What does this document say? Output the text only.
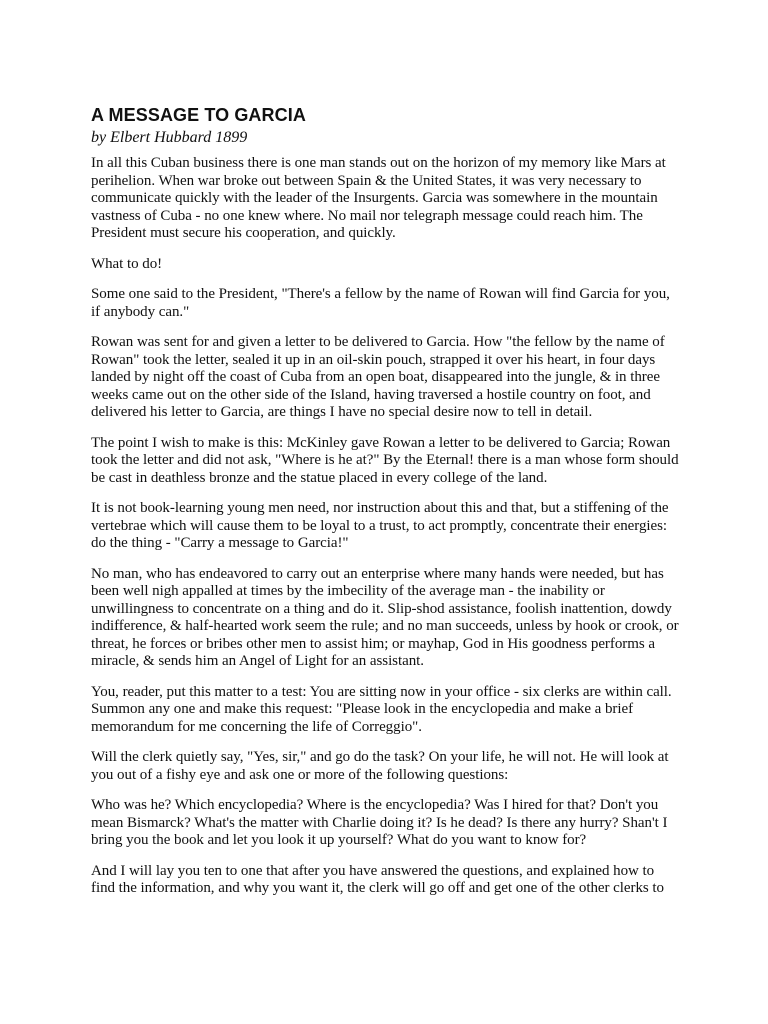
A MESSAGE TO GARCIA
by Elbert Hubbard 1899

In all this Cuban business there is one man stands out on the horizon of my memory like Mars at perihelion. When war broke out between Spain & the United States, it was very necessary to communicate quickly with the leader of the Insurgents. Garcia was somewhere in the mountain vastness of Cuba - no one knew where. No mail nor telegraph message could reach him. The President must secure his cooperation, and quickly.

What to do!

Some one said to the President, "There's a fellow by the name of Rowan will find Garcia for you, if anybody can."

Rowan was sent for and given a letter to be delivered to Garcia. How "the fellow by the name of Rowan" took the letter, sealed it up in an oil-skin pouch, strapped it over his heart, in four days landed by night off the coast of Cuba from an open boat, disappeared into the jungle, & in three weeks came out on the other side of the Island, having traversed a hostile country on foot, and delivered his letter to Garcia, are things I have no special desire now to tell in detail.

The point I wish to make is this: McKinley gave Rowan a letter to be delivered to Garcia; Rowan took the letter and did not ask, "Where is he at?" By the Eternal! there is a man whose form should be cast in deathless bronze and the statue placed in every college of the land.

It is not book-learning young men need, nor instruction about this and that, but a stiffening of the vertebrae which will cause them to be loyal to a trust, to act promptly, concentrate their energies: do the thing - "Carry a message to Garcia!"

No man, who has endeavored to carry out an enterprise where many hands were needed, but has been well nigh appalled at times by the imbecility of the average man - the inability or unwillingness to concentrate on a thing and do it. Slip-shod assistance, foolish inattention, dowdy indifference, & half-hearted work seem the rule; and no man succeeds, unless by hook or crook, or threat, he forces or bribes other men to assist him; or mayhap, God in His goodness performs a miracle, & sends him an Angel of Light for an assistant.

You, reader, put this matter to a test: You are sitting now in your office - six clerks are within call. Summon any one and make this request: "Please look in the encyclopedia and make a brief memorandum for me concerning the life of Correggio".

Will the clerk quietly say, "Yes, sir," and go do the task? On your life, he will not. He will look at you out of a fishy eye and ask one or more of the following questions:

Who was he? Which encyclopedia? Where is the encyclopedia? Was I hired for that? Don't you mean Bismarck? What's the matter with Charlie doing it? Is he dead? Is there any hurry? Shan't I bring you the book and let you look it up yourself? What do you want to know for?

And I will lay you ten to one that after you have answered the questions, and explained how to find the information, and why you want it, the clerk will go off and get one of the other clerks to
